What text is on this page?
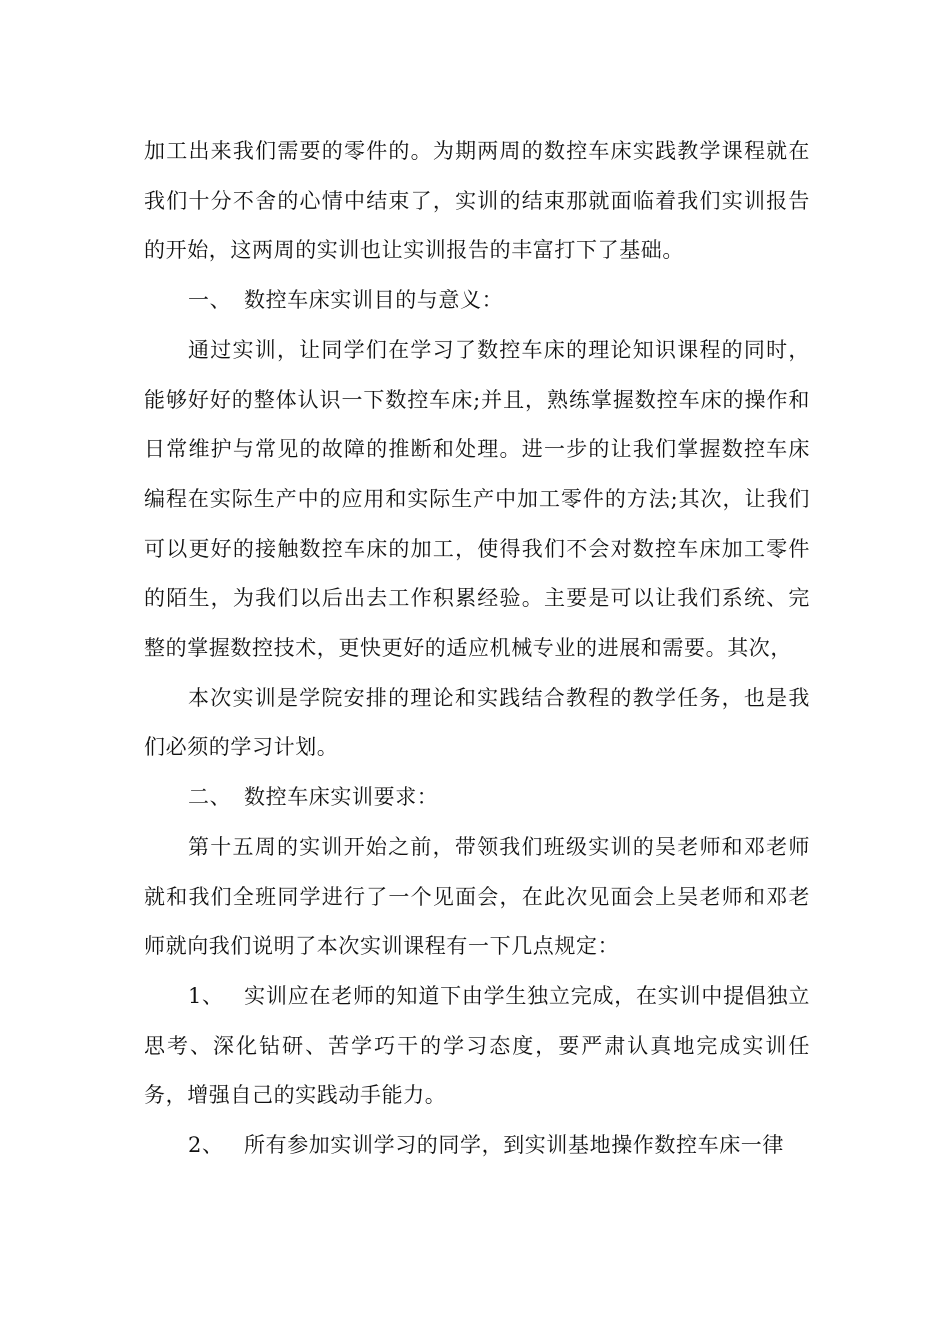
加工出来我们需要的零件的。为期两周的数控车床实践教学课程就在我们十分不舍的心情中结束了，实训的结束那就面临着我们实训报告的开始，这两周的实训也让实训报告的丰富打下了基础。

一、 数控车床实训目的与意义：

通过实训，让同学们在学习了数控车床的理论知识课程的同时，能够好好的整体认识一下数控车床;并且，熟练掌握数控车床的操作和日常维护与常见的故障的推断和处理。进一步的让我们掌握数控车床编程在实际生产中的应用和实际生产中加工零件的方法;其次，让我们可以更好的接触数控车床的加工，使得我们不会对数控车床加工零件的陌生，为我们以后出去工作积累经验。主要是可以让我们系统、完整的掌握数控技术，更快更好的适应机械专业的进展和需要。其次，

本次实训是学院安排的理论和实践结合教程的教学任务，也是我们必须的学习计划。

二、 数控车床实训要求：

第十五周的实训开始之前，带领我们班级实训的吴老师和邓老师就和我们全班同学进行了一个见面会，在此次见面会上吴老师和邓老师就向我们说明了本次实训课程有一下几点规定：

1、 实训应在老师的知道下由学生独立完成，在实训中提倡独立思考、深化钻研、苦学巧干的学习态度，要严肃认真地完成实训任务，增强自己的实践动手能力。

2、 所有参加实训学习的同学，到实训基地操作数控车床一律
